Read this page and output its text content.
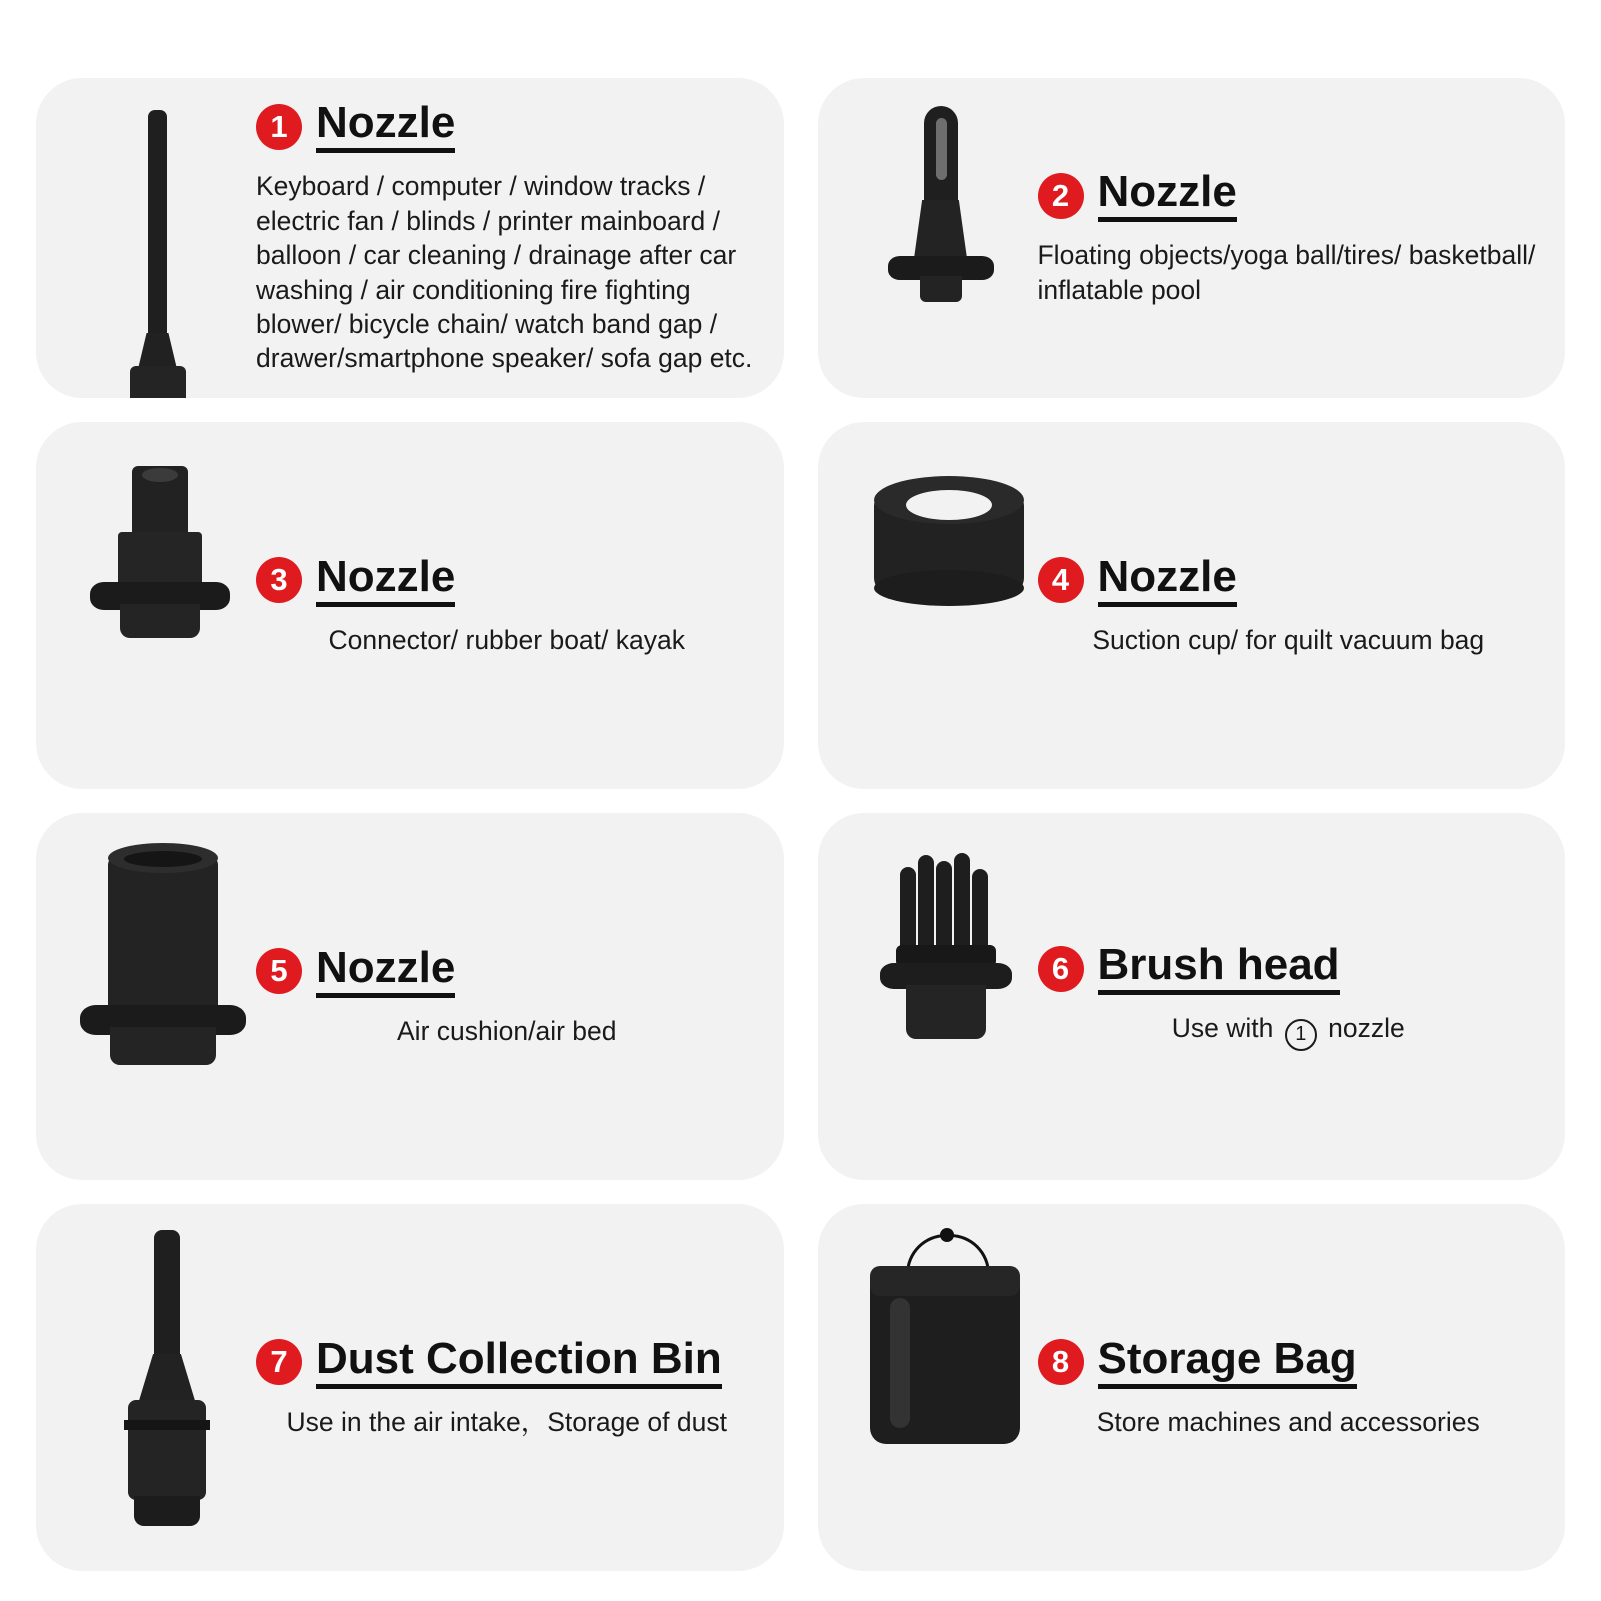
1 Nozzle
Keyboard / computer / window tracks / electric fan / blinds / printer mainboard / balloon / car cleaning / drainage after car washing / air conditioning fire fighting blower/ bicycle chain/ watch band gap / drawer/smartphone speaker/ sofa gap etc.
2 Nozzle
Floating objects/yoga ball/tires/ basketball/ inflatable pool
3 Nozzle
Connector/ rubber boat/ kayak
4 Nozzle
Suction cup/ for quilt vacuum bag
5 Nozzle
Air cushion/air bed
6 Brush head
Use with 1 nozzle
7 Dust Collection Bin
Use in the air intake，Storage of dust
8 Storage Bag
Store machines and accessories
